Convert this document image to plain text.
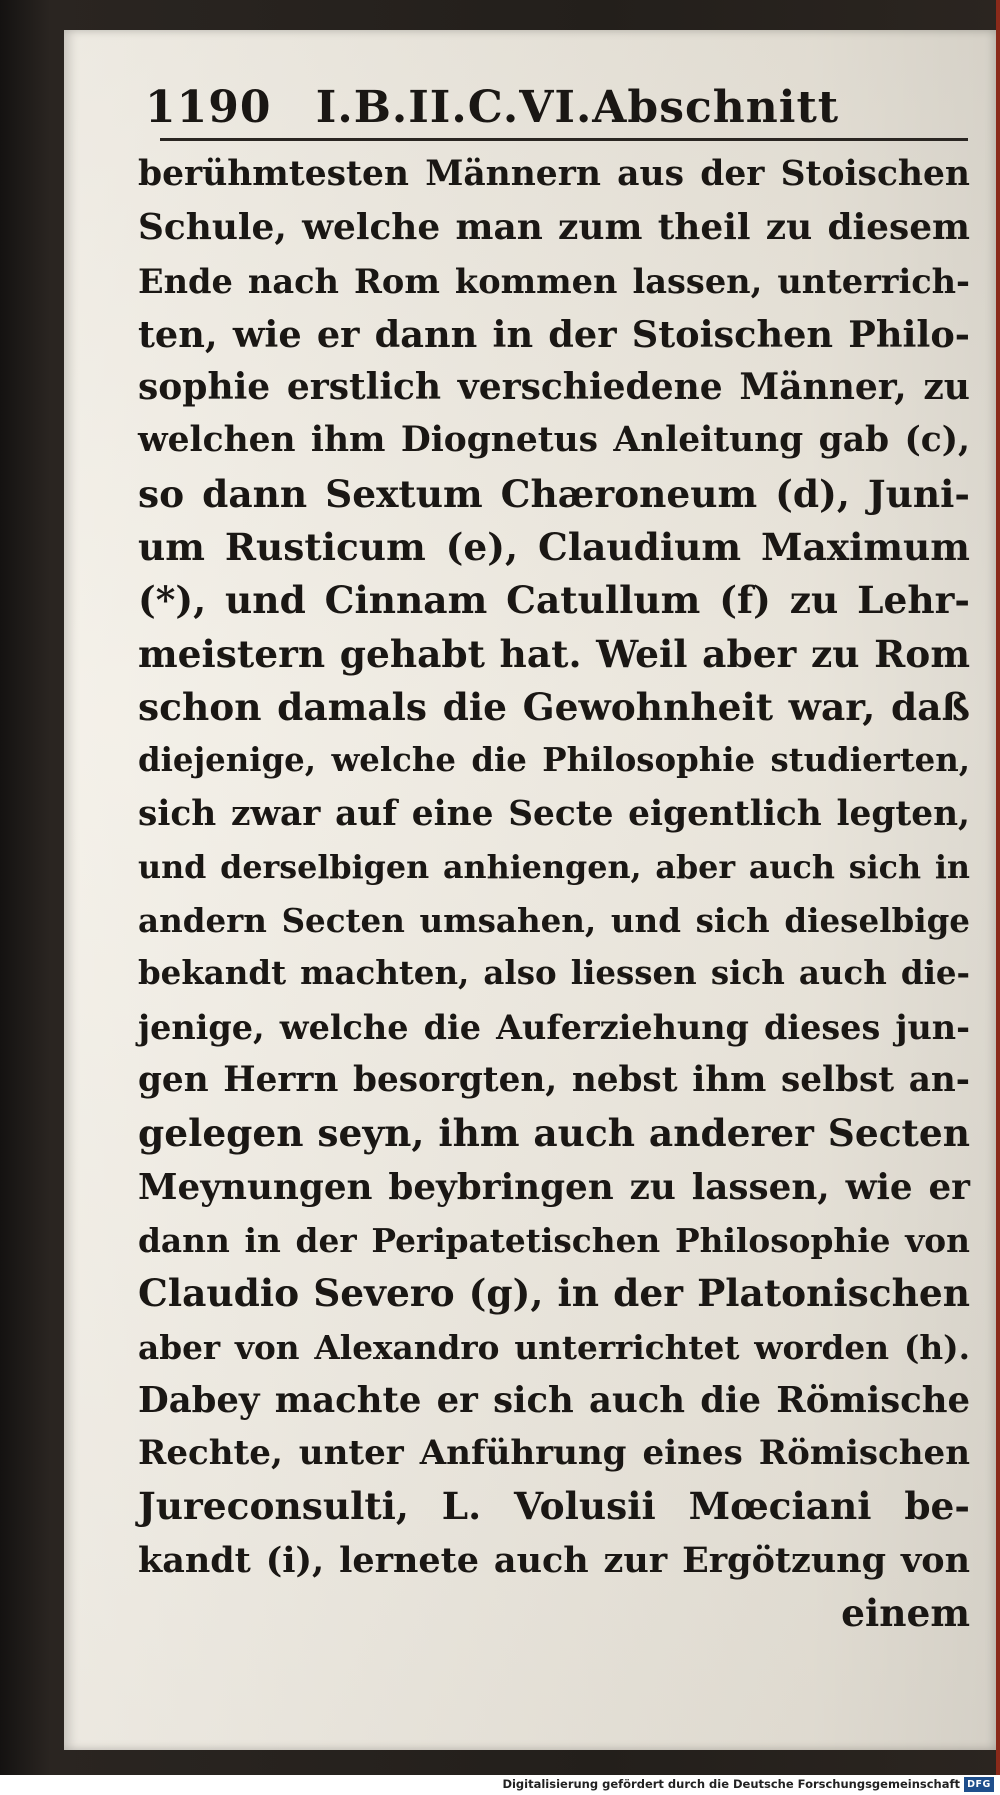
1190 I.B.II.C.VI.Abschnitt
berühmtesten Männern aus der Stoischen
Schule, welche man zum theil zu diesem
Ende nach Rom kommen lassen, unterrich-
ten, wie er dann in der Stoischen Philo-
sophie erstlich verschiedene Männer, zu
welchen ihm Diognetus Anleitung gab (c),
so dann Sextum Chæroneum (d), Juni-
um Rusticum (e), Claudium Maximum
(*), und Cinnam Catullum (f) zu Lehr-
meistern gehabt hat. Weil aber zu Rom
schon damals die Gewohnheit war, daß
diejenige, welche die Philosophie studierten,
sich zwar auf eine Secte eigentlich legten,
und derselbigen anhiengen, aber auch sich in
andern Secten umsahen, und sich dieselbige
bekandt machten, also liessen sich auch die-
jenige, welche die Auferziehung dieses jun-
gen Herrn besorgten, nebst ihm selbst an-
gelegen seyn, ihm auch anderer Secten
Meynungen beybringen zu lassen, wie er
dann in der Peripatetischen Philosophie von
Claudio Severo (g), in der Platonischen
aber von Alexandro unterrichtet worden (h).
Dabey machte er sich auch die Römische
Rechte, unter Anführung eines Römischen
Jureconsulti, L. Volusii Mœciani be-
kandt (i), lernete auch zur Ergötzung von
einem
Digitalisierung gefördert durch die Deutsche Forschungsgemeinschaft DFG
